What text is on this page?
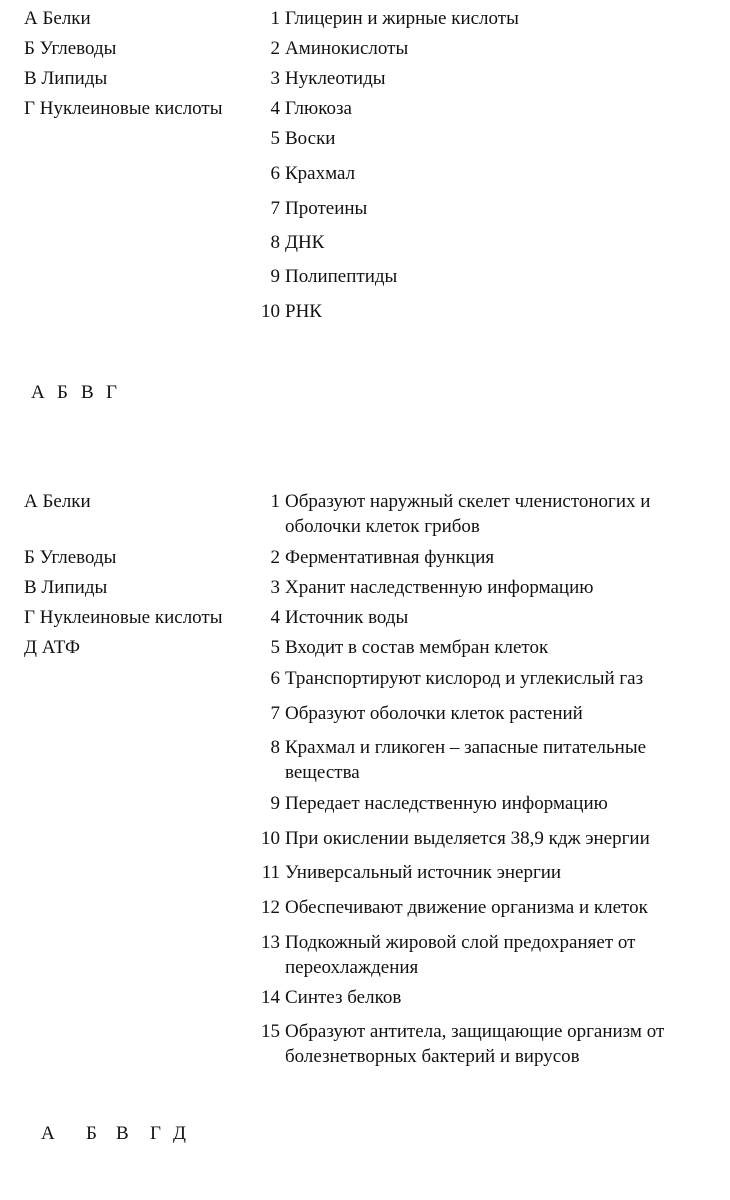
А Белки	1 Глицерин и жирные кислоты
Б Углеводы	2 Аминокислоты
В Липиды	3 Нуклеотиды
Г Нуклеиновые кислоты	4 Глюкоза
5 Воски
6 Крахмал
7 Протеины
8 ДНК
9 Полипептиды
10 РНК
А Б В Г
А Белки	1 Образуют наружный скелет членистоногих и
оболочки клеток грибов
Б Углеводы	2 Ферментативная функция
В Липиды	3 Хранит наследственную информацию
Г Нуклеиновые кислоты	4 Источник воды
Д АТФ	5 Входит в состав мембран клеток
6 Транспортируют кислород и углекислый газ
7 Образуют оболочки клеток растений
8 Крахмал и гликоген – запасные питательные
вещества
9 Передает наследственную информацию
10 При окислении выделяется 38,9 кдж энергии
11 Универсальный источник энергии
12 Обеспечивают движение организма и клеток
13 Подкожный жировой слой предохраняет от
переохлаждения
14 Синтез белков
15 Образуют антитела, защищающие организм от
болезнетворных бактерий и вирусов
А Б В Г Д
